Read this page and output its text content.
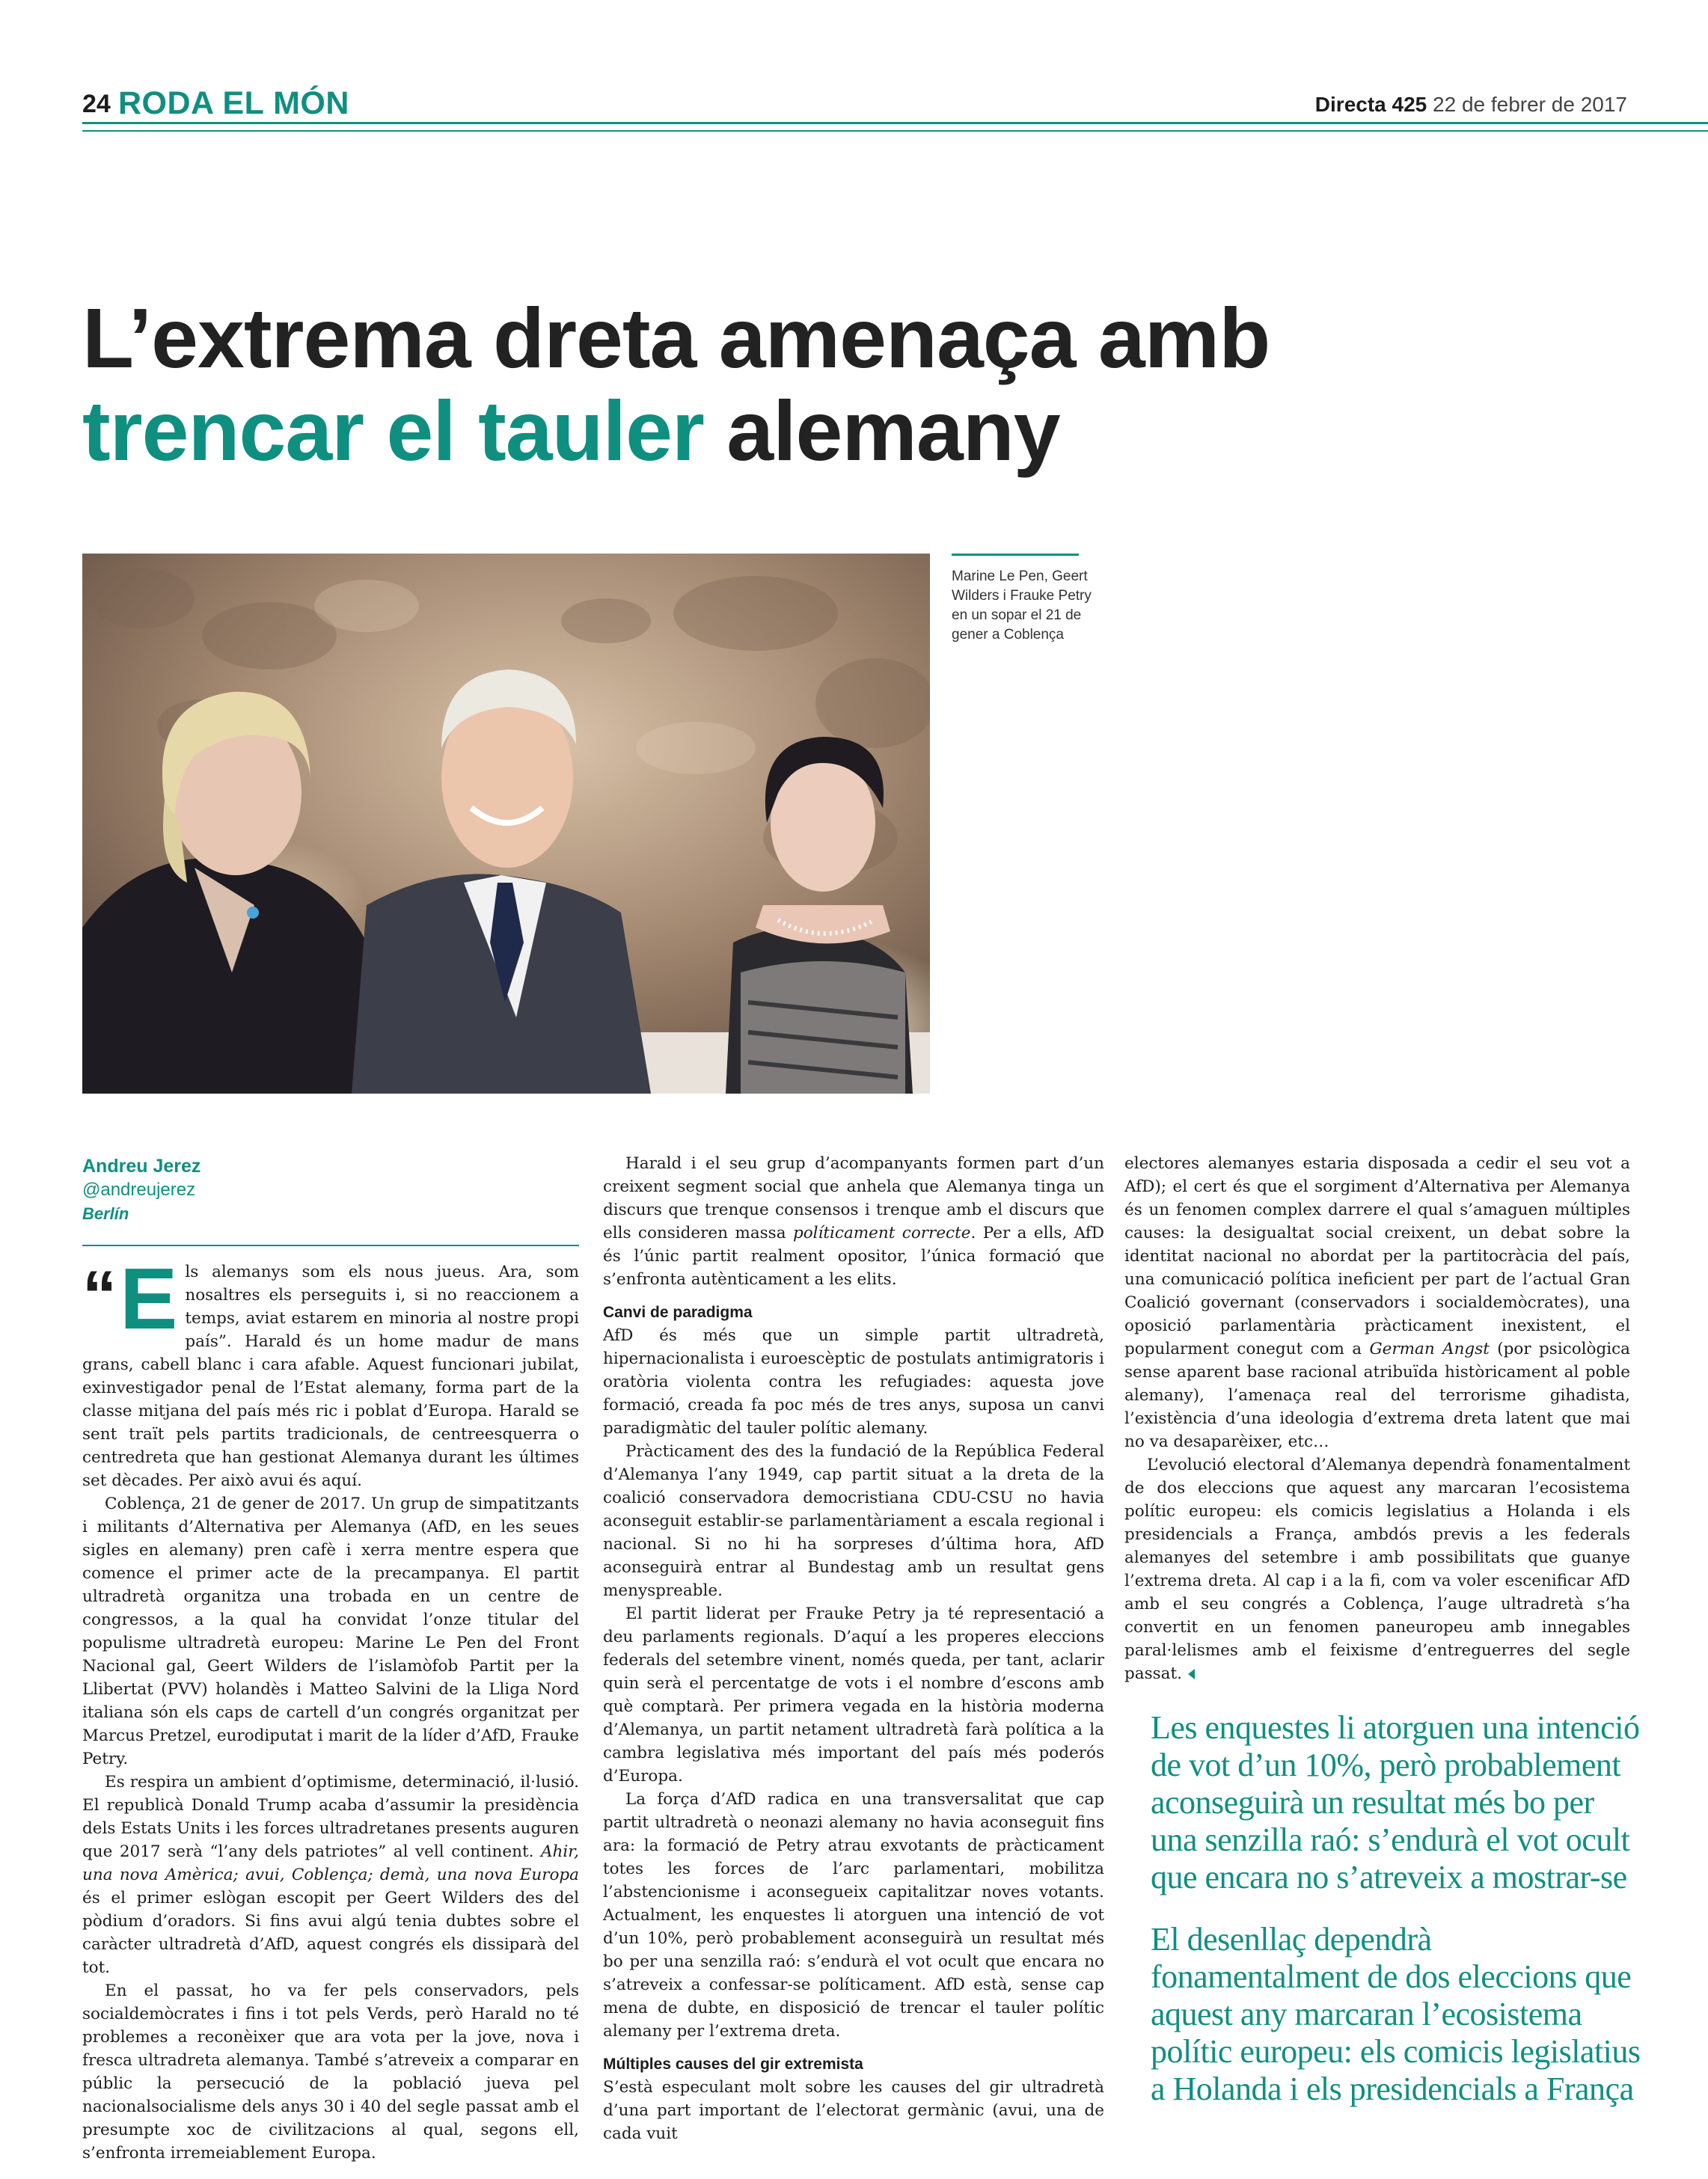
24 RODA EL MÓN	Directa 425 22 de febrer de 2017
L’extrema dreta amenaça amb
trencar el tauler alemany
Marine Le Pen, Geert Wilders i Frauke Petry en un sopar el 21 de gener a Coblença
Andreu Jerez
@andreujerez
Berlín

“ E ls alemanys som els nous jueus. Ara, som nosaltres els perseguits i, si no reaccionem a temps, aviat estarem en minoria al nostre propi país”. Harald és un home madur de mans grans, cabell blanc i cara afable. Aquest funcionari jubilat, exinvestigador penal de l’Estat alemany, forma part de la classe mitjana del país més ric i poblat d’Europa. Harald se sent traït pels partits tradicionals, de centreesquerra o centredreta que han gestionat Alemanya durant les últimes set dècades. Per això avui és aquí.

Coblença, 21 de gener de 2017. Un grup de simpatitzants i militants d’Alternativa per Alemanya (AfD, en les seues sigles en alemany) pren cafè i xerra mentre espera que comence el primer acte de la precampanya. El partit ultradretà organitza una trobada en un centre de congressos, a la qual ha convidat l’onze titular del populisme ultradretà europeu: Marine Le Pen del Front Nacional gal, Geert Wilders de l’islamòfob Partit per la Llibertat (PVV) holandès i Matteo Salvini de la Lliga Nord italiana són els caps de cartell d’un congrés organitzat per Marcus Pretzel, eurodiputat i marit de la líder d’AfD, Frauke Petry.

Es respira un ambient d’optimisme, determinació, il·lusió. El republicà Donald Trump acaba d’assumir la presidència dels Estats Units i les forces ultradretanes presents auguren que 2017 serà “l’any dels patriotes” al vell continent. Ahir, una nova Amèrica; avui, Coblença; demà, una nova Europa és el primer eslògan escopit per Geert Wilders des del pòdium d’oradors. Si fins avui algú tenia dubtes sobre el caràcter ultradretà d’AfD, aquest congrés els dissiparà del tot.

En el passat, ho va fer pels conservadors, pels socialdemòcrates i fins i tot pels Verds, però Harald no té problemes a reconèixer que ara vota per la jove, nova i fresca ultradreta alemanya. També s’atreveix a comparar en públic la persecució de la població jueva pel nacionalsocialisme dels anys 30 i 40 del segle passat amb el presumpte xoc de civilitzacions al qual, segons ell, s’enfronta irremeiablement Europa.

Harald i el seu grup d’acompanyants formen part d’un creixent segment social que anhela que Alemanya tinga un discurs que trenque consensos i trenque amb el discurs que ells consideren massa políticament correcte. Per a ells, AfD és l’únic partit realment opositor, l’única formació que s’enfronta autènticament a les elits.

Canvi de paradigma

AfD és més que un simple partit ultradretà, hipernacionalista i euroescèptic de postulats antimigratoris i oratòria violenta contra les refugiades: aquesta jove formació, creada fa poc més de tres anys, suposa un canvi paradigmàtic del tauler polític alemany.

Pràcticament des des la fundació de la República Federal d’Alemanya l’any 1949, cap partit situat a la dreta de la coalició conservadora democristiana CDU-CSU no havia aconseguit establir-se parlamentàriament a escala regional i nacional. Si no hi ha sorpreses d’última hora, AfD aconseguirà entrar al Bundestag amb un resultat gens menyspreable.

El partit liderat per Frauke Petry ja té representació a deu parlaments regionals. D’aquí a les properes eleccions federals del setembre vinent, només queda, per tant, aclarir quin serà el percentatge de vots i el nombre d’escons amb què comptarà. Per primera vegada en la història moderna d’Alemanya, un partit netament ultradretà farà política a la cambra legislativa més important del país més poderós d’Europa.

La força d’AfD radica en una transversalitat que cap partit ultradretà o neonazi alemany no havia aconseguit fins ara: la formació de Petry atrau exvotants de pràcticament totes les forces de l’arc parlamentari, mobilitza l’abstencionisme i aconsegueix capitalitzar noves votants. Actualment, les enquestes li atorguen una intenció de vot d’un 10%, però probablement aconseguirà un resultat més bo per una senzilla raó: s’endurà el vot ocult que encara no s’atreveix a confessar-se políticament. AfD està, sense cap mena de dubte, en disposició de trencar el tauler polític alemany per l’extrema dreta.

Múltiples causes del gir extremista

S’està especulant molt sobre les causes del gir ultradretà d’una part important de l’electorat germànic (avui, una de cada vuit

electores alemanyes estaria disposada a cedir el seu vot a AfD); el cert és que el sorgiment d’Alternativa per Alemanya és un fenomen complex darrere el qual s’amaguen múltiples causes: la desigualtat social creixent, un debat sobre la identitat nacional no abordat per la partitocràcia del país, una comunicació política ineficient per part de l’actual Gran Coalició governant (conservadors i socialdemòcrates), una oposició parlamentària pràcticament inexistent, el popularment conegut com a German Angst (por psicològica sense aparent base racional atribuïda històricament al poble alemany), l’amenaça real del terrorisme gihadista, l’existència d’una ideologia d’extrema dreta latent que mai no va desaparèixer, etc…

L’evolució electoral d’Alemanya dependrà fonamentalment de dos eleccions que aquest any marcaran l’ecosistema polític europeu: els comicis legislatius a Holanda i els presidencials a França, ambdós previs a les federals alemanyes del setembre i amb possibilitats que guanye l’extrema dreta. Al cap i a la fi, com va voler escenificar AfD amb el seu congrés a Coblença, l’auge ultradretà s’ha convertit en un fenomen paneuropeu amb innegables paral·lelismes amb el feixisme d’entreguerres del segle passat.

Les enquestes li atorguen una intenció de vot d’un 10%, però probablement aconseguirà un resultat més bo per una senzilla raó: s’endurà el vot ocult que encara no s’atreveix a mostrar-se

El desenllaç dependrà fonamentalment de dos eleccions que aquest any marcaran l’ecosistema polític europeu: els comicis legislatius a Holanda i els presidencials a França
